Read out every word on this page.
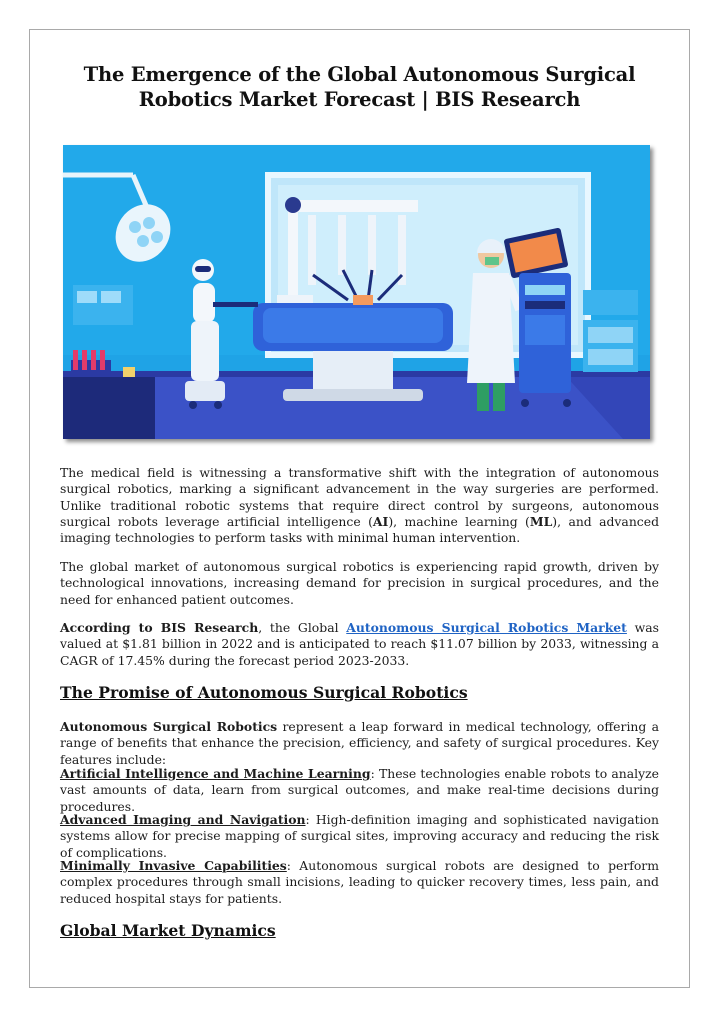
The Emergence of the Global Autonomous Surgical Robotics Market Forecast | BIS Research
The medical field is witnessing a transformative shift with the integration of autonomous surgical robotics, marking a significant advancement in the way surgeries are performed. Unlike traditional robotic systems that require direct control by surgeons, autonomous surgical robots leverage artificial intelligence (AI), machine learning (ML), and advanced imaging technologies to perform tasks with minimal human intervention.
The global market of autonomous surgical robotics is experiencing rapid growth, driven by technological innovations, increasing demand for precision in surgical procedures, and the need for enhanced patient outcomes.
According to BIS Research, the Global Autonomous Surgical Robotics Market was valued at $1.81 billion in 2022 and is anticipated to reach $11.07 billion by 2033, witnessing a CAGR of 17.45% during the forecast period 2023-2033.
The Promise of Autonomous Surgical Robotics
Autonomous Surgical Robotics represent a leap forward in medical technology, offering a range of benefits that enhance the precision, efficiency, and safety of surgical procedures. Key features include:
Artificial Intelligence and Machine Learning: These technologies enable robots to analyze vast amounts of data, learn from surgical outcomes, and make real-time decisions during procedures.
Advanced Imaging and Navigation: High-definition imaging and sophisticated navigation systems allow for precise mapping of surgical sites, improving accuracy and reducing the risk of complications.
Minimally Invasive Capabilities: Autonomous surgical robots are designed to perform complex procedures through small incisions, leading to quicker recovery times, less pain, and reduced hospital stays for patients.
Global Market Dynamics
